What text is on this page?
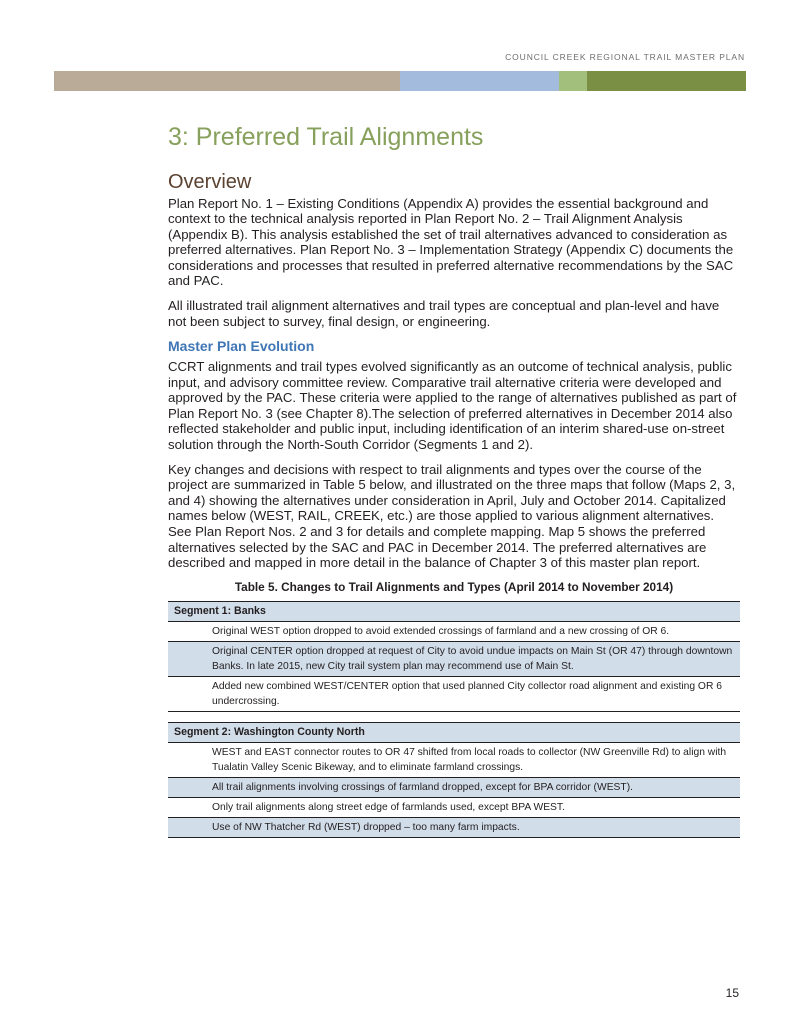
COUNCIL CREEK REGIONAL TRAIL MASTER PLAN
3: Preferred Trail Alignments
Overview

Plan Report No. 1 – Existing Conditions (Appendix A) provides the essential background and context to the technical analysis reported in Plan Report No. 2 – Trail Alignment Analysis (Appendix B). This analysis established the set of trail alternatives advanced to consideration as preferred alternatives. Plan Report No. 3 – Implementation Strategy (Appendix C) documents the considerations and processes that resulted in preferred alternative recommendations by the SAC and PAC.

All illustrated trail alignment alternatives and trail types are conceptual and plan-level and have not been subject to survey, final design, or engineering.

Master Plan Evolution

CCRT alignments and trail types evolved significantly as an outcome of technical analysis, public input, and advisory committee review. Comparative trail alternative criteria were developed and approved by the PAC. These criteria were applied to the range of alternatives published as part of Plan Report No. 3 (see Chapter 8).The selection of preferred alternatives in December 2014 also reflected stakeholder and public input, including identification of an interim shared-use on-street solution through the North-South Corridor (Segments 1 and 2).

Key changes and decisions with respect to trail alignments and types over the course of the project are summarized in Table 5 below, and illustrated on the three maps that follow (Maps 2, 3, and 4) showing the alternatives under consideration in April, July and October 2014. Capitalized names below (WEST, RAIL, CREEK, etc.) are those applied to various alignment alternatives. See Plan Report Nos. 2 and 3 for details and complete mapping. Map 5 shows the preferred alternatives selected by the SAC and PAC in December 2014. The preferred alternatives are described and mapped in more detail in the balance of Chapter 3 of this master plan report.

Table 5. Changes to Trail Alignments and Types (April 2014 to November 2014)
Segment 1: Banks
Original WEST option dropped to avoid extended crossings of farmland and a new crossing of OR 6.
Original CENTER option dropped at request of City to avoid undue impacts on Main St (OR 47) through downtown Banks. In late 2015, new City trail system plan may recommend use of Main St.
Added new combined WEST/CENTER option that used planned City collector road alignment and existing OR 6 undercrossing.

Segment 2: Washington County North
WEST and EAST connector routes to OR 47 shifted from local roads to collector (NW Greenville Rd) to align with Tualatin Valley Scenic Bikeway, and to eliminate farmland crossings.
All trail alignments involving crossings of farmland dropped, except for BPA corridor (WEST).
Only trail alignments along street edge of farmlands used, except BPA WEST.
Use of NW Thatcher Rd (WEST) dropped – too many farm impacts.
15
